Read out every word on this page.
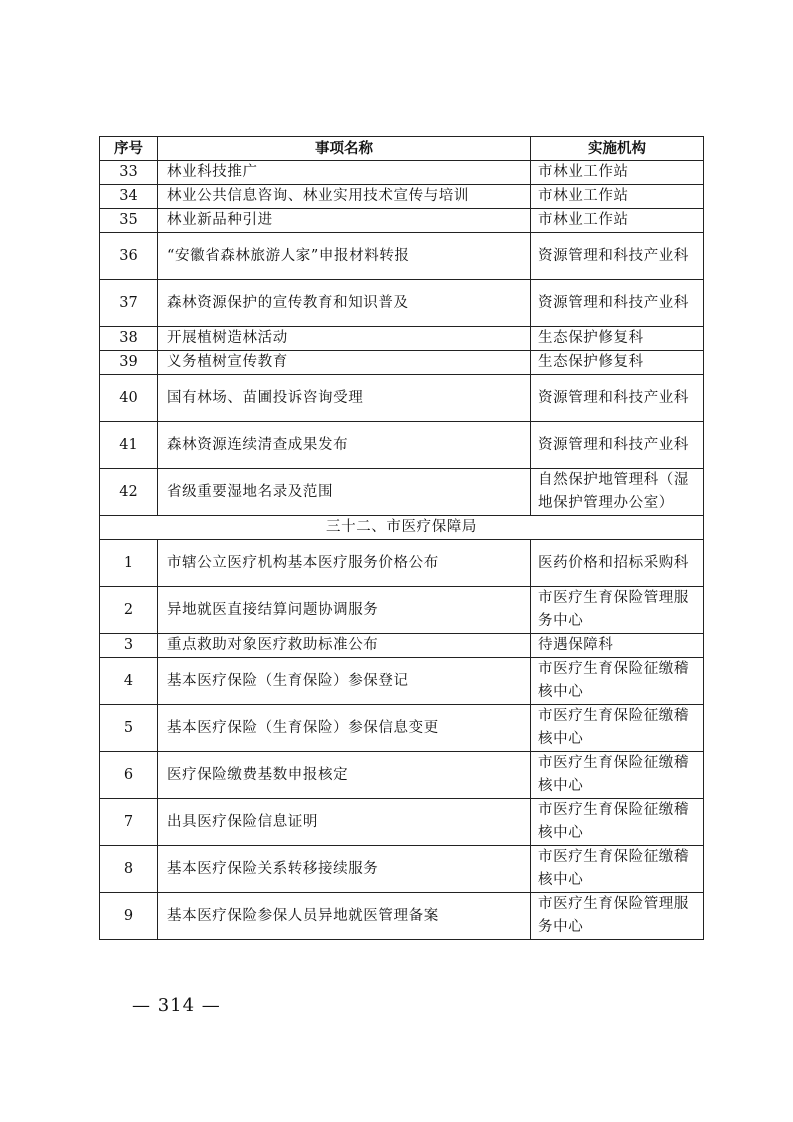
序号	事项名称	实施机构
33	林业科技推广	市林业工作站
34	林业公共信息咨询、林业实用技术宣传与培训	市林业工作站
35	林业新品种引进	市林业工作站
36	“安徽省森林旅游人家”申报材料转报	资源管理和科技产业科
37	森林资源保护的宣传教育和知识普及	资源管理和科技产业科
38	开展植树造林活动	生态保护修复科
39	义务植树宣传教育	生态保护修复科
40	国有林场、苗圃投诉咨询受理	资源管理和科技产业科
41	森林资源连续清查成果发布	资源管理和科技产业科
42	省级重要湿地名录及范围	自然保护地管理科（湿地保护管理办公室）
三十二、市医疗保障局		
1	市辖公立医疗机构基本医疗服务价格公布	医药价格和招标采购科
2	异地就医直接结算问题协调服务	市医疗生育保险管理服务中心
3	重点救助对象医疗救助标准公布	待遇保障科
4	基本医疗保险（生育保险）参保登记	市医疗生育保险征缴稽核中心
5	基本医疗保险（生育保险）参保信息变更	市医疗生育保险征缴稽核中心
6	医疗保险缴费基数申报核定	市医疗生育保险征缴稽核中心
7	出具医疗保险信息证明	市医疗生育保险征缴稽核中心
8	基本医疗保险关系转移接续服务	市医疗生育保险征缴稽核中心
9	基本医疗保险参保人员异地就医管理备案	市医疗生育保险管理服务中心
— 314 —
